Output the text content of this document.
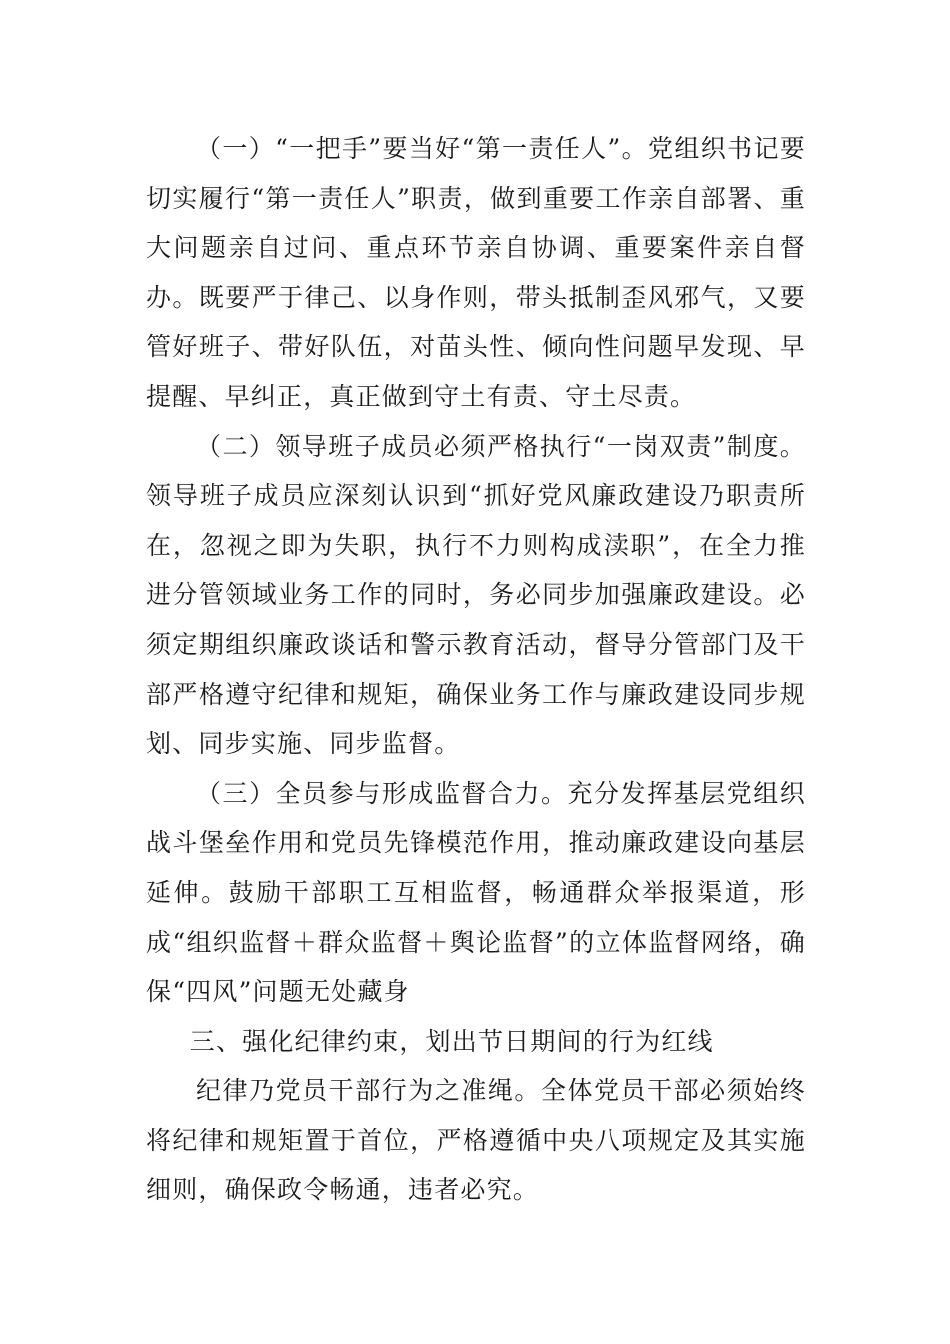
（一）“一把手”要当好“第一责任人”。党组织书记要切实履行“第一责任人”职责，做到重要工作亲自部署、重大问题亲自过问、重点环节亲自协调、重要案件亲自督办。既要严于律己、以身作则，带头抵制歪风邪气，又要管好班子、带好队伍，对苗头性、倾向性问题早发现、早提醒、早纠正，真正做到守土有责、守土尽责。

（二）领导班子成员必须严格执行“一岗双责”制度。领导班子成员应深刻认识到“抓好党风廉政建设乃职责所在，忽视之即为失职，执行不力则构成渎职”，在全力推进分管领域业务工作的同时，务必同步加强廉政建设。必须定期组织廉政谈话和警示教育活动，督导分管部门及干部严格遵守纪律和规矩，确保业务工作与廉政建设同步规划、同步实施、同步监督。

（三）全员参与形成监督合力。充分发挥基层党组织战斗堡垒作用和党员先锋模范作用，推动廉政建设向基层延伸。鼓励干部职工互相监督，畅通群众举报渠道，形成“组织监督＋群众监督＋舆论监督”的立体监督网络，确保“四风”问题无处藏身

三、强化纪律约束，划出节日期间的行为红线

纪律乃党员干部行为之准绳。全体党员干部必须始终将纪律和规矩置于首位，严格遵循中央八项规定及其实施细则，确保政令畅通，违者必究。
